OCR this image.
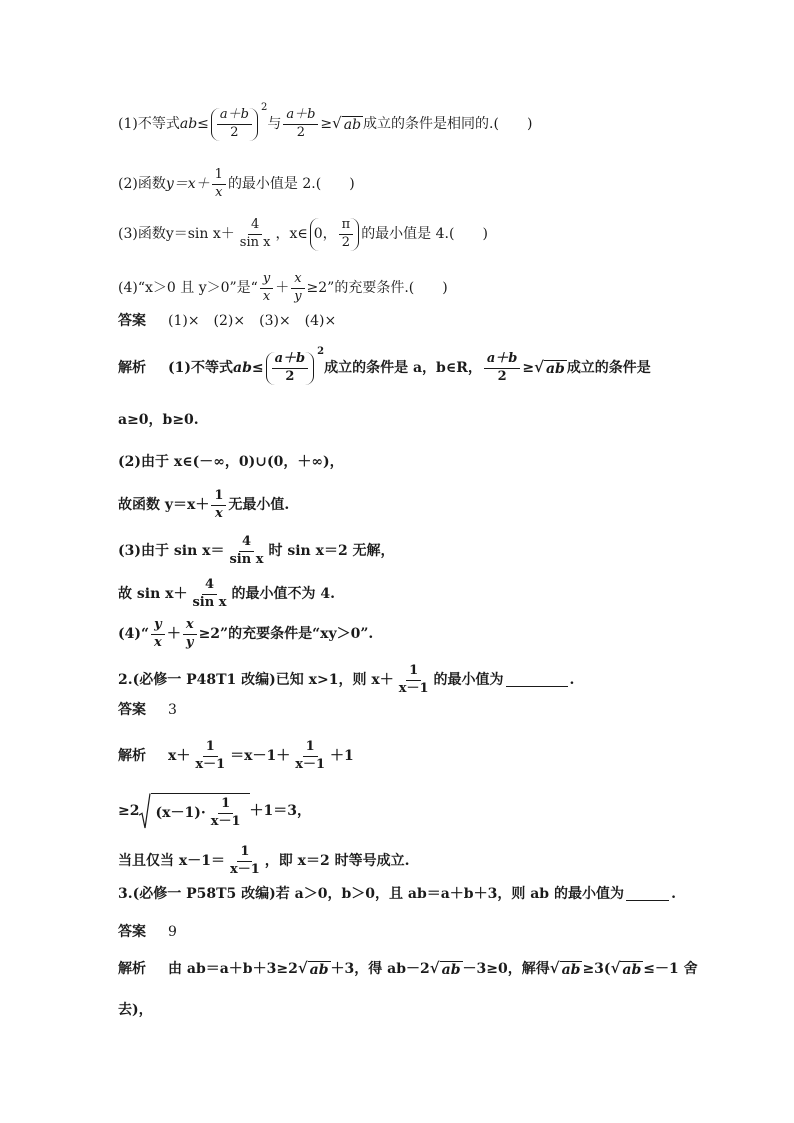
(1)不等式 ab ≤ $\frac{a+b}{2}$
2
与 $\frac{a+b}{2}$ ≥ √ ab 成立的条件是相同的.(　　)
(2)函数 $y=x+ \frac{1}{x}$ 的最小值是 2.(　　)
(3)函数 y＝sin $x+ \frac{4}{\text{sin x}}$ ，x∈ 0， $\frac{\pi}{2}$ 的最小值是 4.(　　)
(4)“x＞0 且 y＞0”是“ $\frac{y}{x} + \frac{x}{y} \ge 2$”的充要条件.(　　)
答案 (1)×　(2)×　(3)×　(4)×
解析 (1)不等式 ab ≤ $\frac{a+b}{2}$
2
成立的条件是 a，b∈R， $\frac{a+b}{2}$ ≥ √ ab 成立的条件是
a≥0，b≥0.
(2)由于 x∈(－∞，0)∪(0，＋∞)，
故函数 $y=x+ \frac{1}{x}$ 无最小值.
(3)由于 $\sin x= \frac{4}{\text{sin x}}$ 时 sin x＝2 无解，
故 $\sin x+ \frac{4}{\text{sin x}}$ 的最小值不为 4.
(4)“ $\frac{y}{x} + \frac{x}{y} \ge 2$”的充要条件是“xy＞0”.
2.(必修一 P48T1 改编)已知 x>1，则 $x+ \frac{1}{x-1}$ 的最小值为	.
答案 3
解析 $x+ \frac{1}{x-1} =x-1+ \frac{1}{x-1} +1$
≥2 $(x-1)\cdot \frac{1}{x-1} +1=3$，
当且仅当 $x-1= \frac{1}{x-1}$ ，即 x＝2 时等号成立.
3.(必修一 P58T5 改编)若 a＞0，b＞0，且 ab＝a＋b＋3，则 ab 的最小值为	.
答案 9
解析 由 ab＝a＋b＋3≥2 √ ab ＋3，得 ab－2 √ ab －3≥0，解得 √ ab ≥3( √ ab ≤－1 舍
去)，
